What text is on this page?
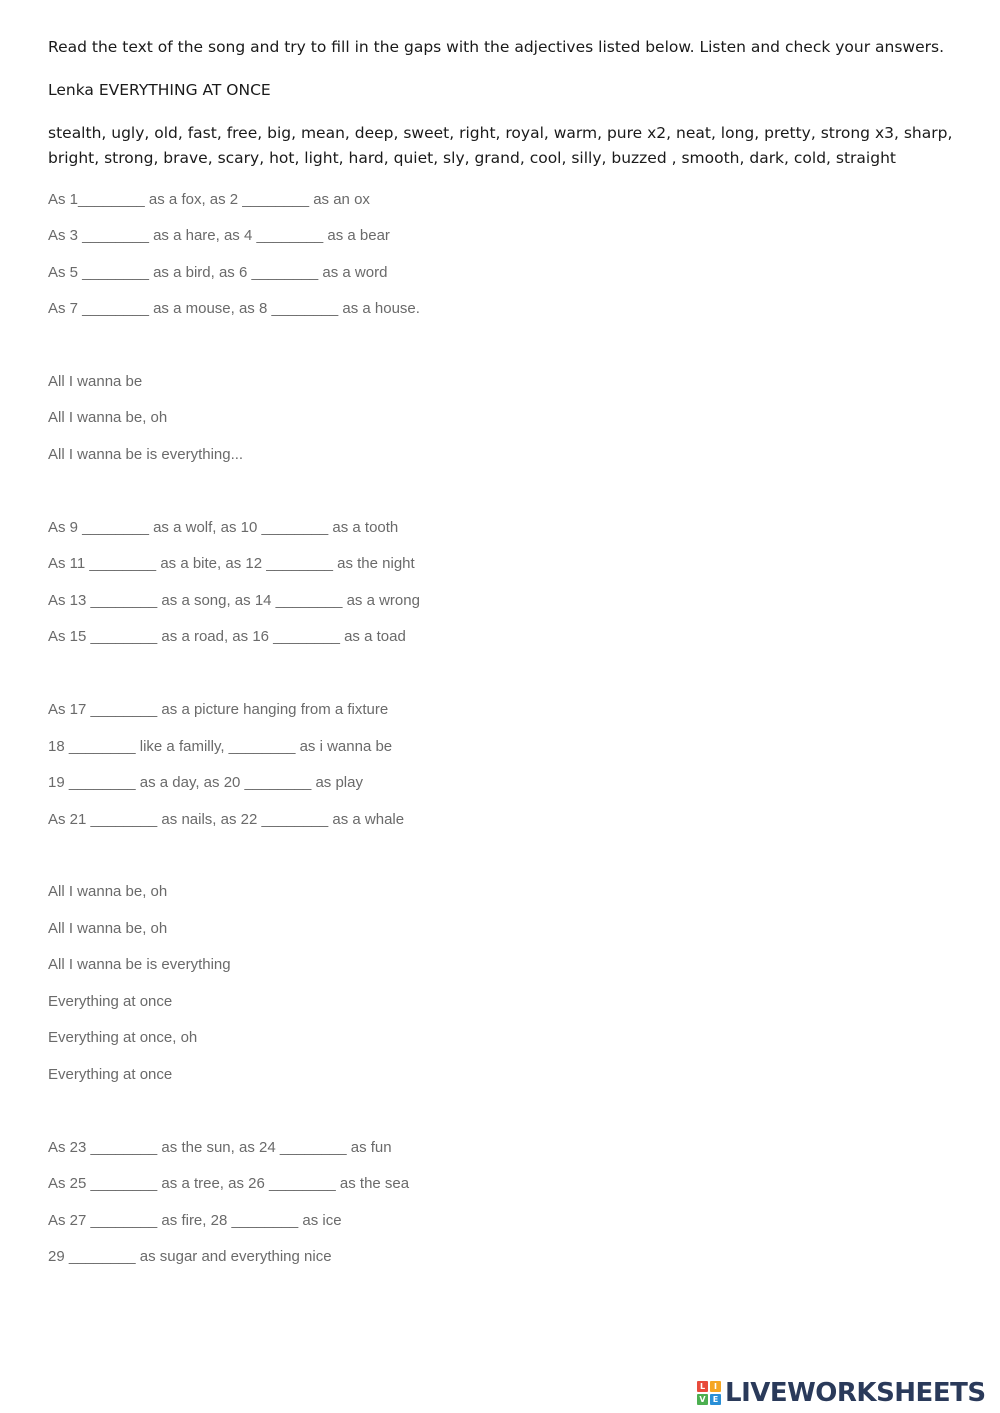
Read the text of the song and try to fill in the gaps with the adjectives listed below. Listen and check your answers.

Lenka EVERYTHING AT ONCE

stealth, ugly, old, fast, free, big, mean, deep, sweet, right, royal, warm, pure x2, neat, long, pretty, strong x3, sharp,
bright, strong, brave, scary, hot, light, hard, quiet, sly, grand, cool, silly, buzzed , smooth, dark, cold, straight

As 1________ as a fox, as 2 ________ as an ox

As 3 ________ as a hare, as 4 ________ as a bear

As 5 ________ as a bird, as 6 ________ as a word

As 7 ________ as a mouse, as 8 ________ as a house.

All I wanna be

All I wanna be, oh

All I wanna be is everything...

As 9 ________ as a wolf, as 10 ________ as a tooth

As 11 ________ as a bite, as 12 ________ as the night

As 13 ________ as a song, as 14 ________ as a wrong

As 15 ________ as a road, as 16 ________ as a toad

As 17 ________ as a picture hanging from a fixture

18 ________ like a familly, ________ as i wanna be

19 ________ as a day, as 20 ________ as play

As 21 ________ as nails, as 22 ________ as a whale

All I wanna be, oh

All I wanna be, oh

All I wanna be is everything

Everything at once

Everything at once, oh

Everything at once

As 23 ________ as the sun, as 24 ________ as fun

As 25 ________ as a tree, as 26 ________ as the sea

As 27 ________ as fire, 28 ________ as ice

29 ________ as sugar and everything nice

L	I
V E LIVEWORKSHEETS
